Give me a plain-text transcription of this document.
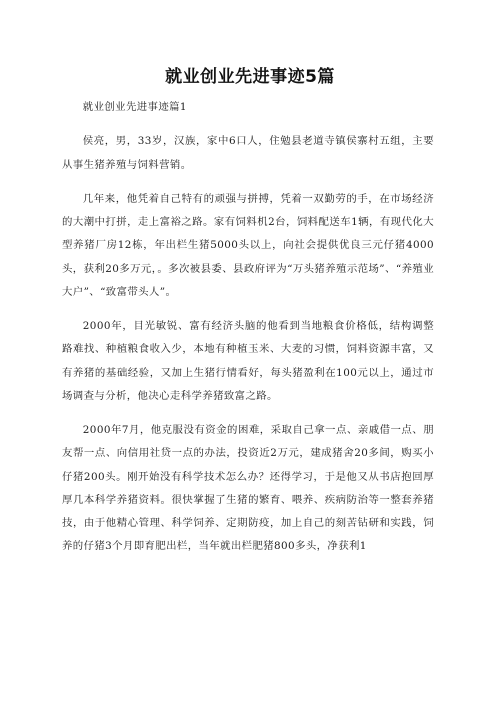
就业创业先进事迹5篇

就业创业先进事迹篇1

侯亮，男，33岁，汉族，家中6口人，住勉县老道寺镇侯寨村五组，主要从事生猪养殖与饲料营销。

几年来，他凭着自己特有的顽强与拼搏，凭着一双勤劳的手，在市场经济的大潮中打拼，走上富裕之路。家有饲料机2台，饲料配送车1辆，有现代化大型养猪厂房12栋，年出栏生猪5000头以上，向社会提供优良三元仔猪4000头，获利20多万元，。多次被县委、县政府评为“万头猪养殖示范场”、“养殖业大户”、“致富带头人”。

2000年，目光敏锐、富有经济头脑的他看到当地粮食价格低，结构调整路难找、种植粮食收入少，本地有种植玉米、大麦的习惯，饲料资源丰富，又有养猪的基础经验，又加上生猪行情看好，每头猪盈利在100元以上，通过市场调查与分析，他决心走科学养猪致富之路。

2000年7月，他克服没有资金的困难，采取自己拿一点、亲戚借一点、朋友帮一点、向信用社贷一点的办法，投资近2万元，建成猪舍20多间，购买小仔猪200头。刚开始没有科学技术怎么办？还得学习，于是他又从书店抱回厚厚几本科学养猪资料。很快掌握了生猪的繁育、喂养、疾病防治等一整套养猪技，由于他精心管理、科学饲养、定期防疫，加上自己的刻苦钻研和实践，饲养的仔猪3个月即育肥出栏，当年就出栏肥猪800多头，净获利1
